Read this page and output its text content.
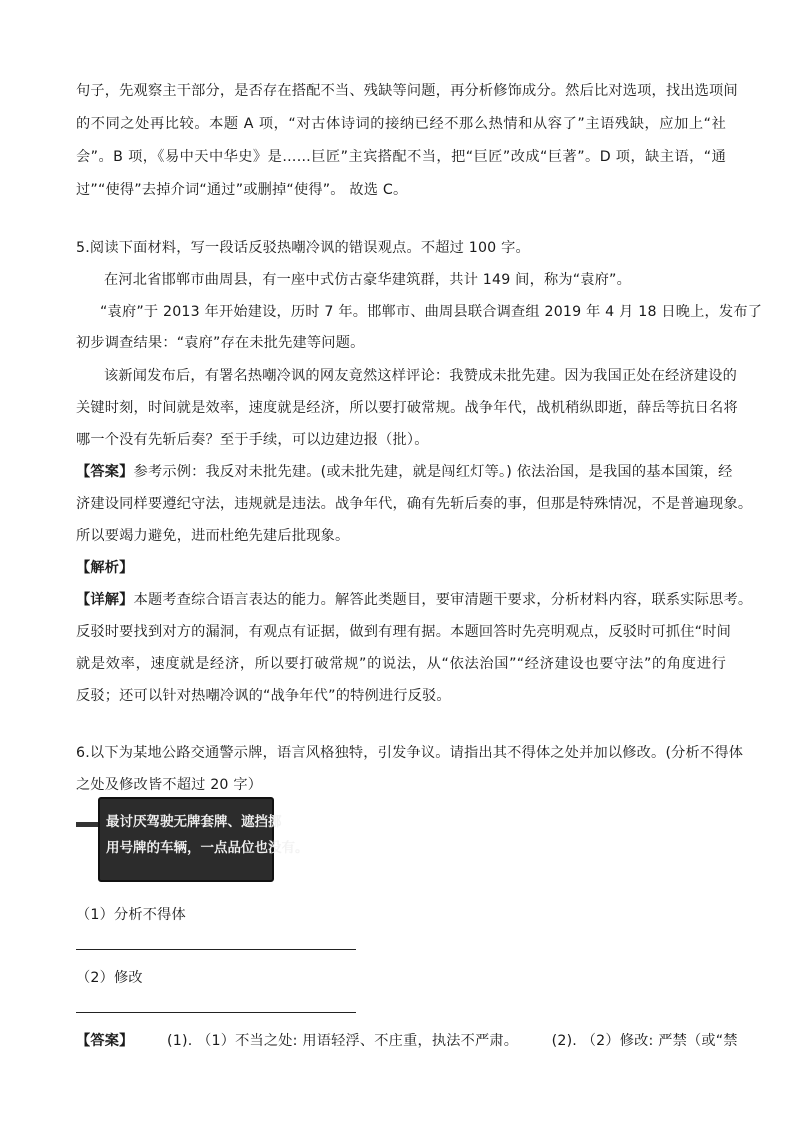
句子，先观察主干部分，是否存在搭配不当、残缺等问题，再分析修饰成分。然后比对选项，找出选项间
的不同之处再比较。本题 A 项，“对古体诗词的接纳已经不那么热情和从容了”主语残缺，应加上“社
会”。B 项，《易中天中华史》是……巨匠”主宾搭配不当，把“巨匠”改成“巨著”。D 项，缺主语，“通
过”“使得”去掉介词“通过”或删掉“使得”。 故选 C。
5.阅读下面材料，写一段话反驳热嘲冷讽的错误观点。不超过 100 字。
在河北省邯郸市曲周县，有一座中式仿古豪华建筑群，共计 149 间，称为“袁府”。
“袁府”于 2013 年开始建设，历时 7 年。邯郸市、曲周县联合调查组 2019 年 4 月 18 日晚上，发布了
初步调查结果：“袁府”存在未批先建等问题。
该新闻发布后，有署名热嘲冷讽的网友竟然这样评论：我赞成未批先建。因为我国正处在经济建设的
关键时刻，时间就是效率，速度就是经济，所以要打破常规。战争年代，战机稍纵即逝，薛岳等抗日名将
哪一个没有先斩后奏？至于手续，可以边建边报（批）。
【答案】参考示例：我反对未批先建。(或未批先建，就是闯红灯等。) 依法治国，是我国的基本国策，经
济建设同样要遵纪守法，违规就是违法。战争年代，确有先斩后奏的事，但那是特殊情况，不是普遍现象。
所以要竭力避免，进而杜绝先建后批现象。
【解析】
【详解】本题考查综合语言表达的能力。解答此类题目，要审清题干要求，分析材料内容，联系实际思考。
反驳时要找到对方的漏洞，有观点有证据，做到有理有据。本题回答时先亮明观点，反驳时可抓住“时间
就是效率，速度就是经济，所以要打破常规”的说法，从“依法治国”“经济建设也要守法”的角度进行
反驳；还可以针对热嘲冷讽的“战争年代”的特例进行反驳。
6.以下为某地公路交通警示牌，语言风格独特，引发争议。请指出其不得体之处并加以修改。(分析不得体
之处及修改皆不超过 20 字）
最讨厌驾驶无牌套牌、遮挡挪
用号牌的车辆，一点品位也没有。
（1）分析不得体
（2）修改
【答案】 (1). （1）不当之处: 用语轻浮、不庄重，执法不严肃。 (2). （2）修改: 严禁（或“禁
